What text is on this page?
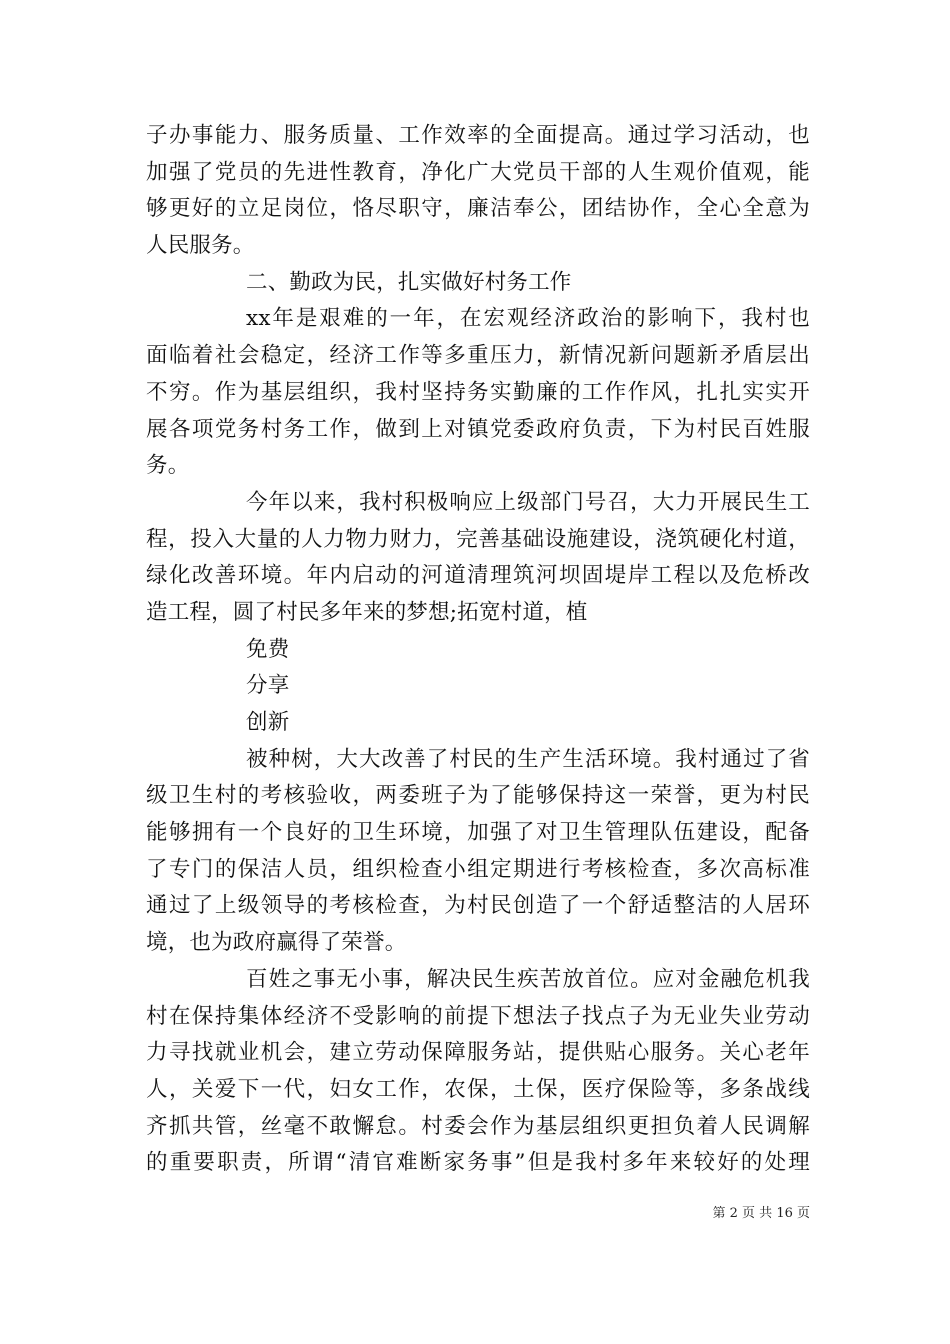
子办事能力、服务质量、工作效率的全面提高。通过学习活动，也
加强了党员的先进性教育，净化广大党员干部的人生观价值观，能
够更好的立足岗位，恪尽职守，廉洁奉公，团结协作，全心全意为
人民服务。
二、勤政为民，扎实做好村务工作
xx年是艰难的一年，在宏观经济政治的影响下，我村也
面临着社会稳定，经济工作等多重压力，新情况新问题新矛盾层出
不穷。作为基层组织，我村坚持务实勤廉的工作作风，扎扎实实开
展各项党务村务工作，做到上对镇党委政府负责，下为村民百姓服
务。
今年以来，我村积极响应上级部门号召，大力开展民生工
程，投入大量的人力物力财力，完善基础设施建设，浇筑硬化村道，
绿化改善环境。年内启动的河道清理筑河坝固堤岸工程以及危桥改
造工程，圆了村民多年来的梦想;拓宽村道，植
免费
分享
创新
被种树，大大改善了村民的生产生活环境。我村通过了省
级卫生村的考核验收，两委班子为了能够保持这一荣誉，更为村民
能够拥有一个良好的卫生环境，加强了对卫生管理队伍建设，配备
了专门的保洁人员，组织检查小组定期进行考核检查，多次高标准
通过了上级领导的考核检查，为村民创造了一个舒适整洁的人居环
境，也为政府赢得了荣誉。
百姓之事无小事，解决民生疾苦放首位。应对金融危机我
村在保持集体经济不受影响的前提下想法子找点子为无业失业劳动
力寻找就业机会，建立劳动保障服务站，提供贴心服务。关心老年
人，关爱下一代，妇女工作，农保，土保，医疗保险等，多条战线
齐抓共管，丝毫不敢懈怠。村委会作为基层组织更担负着人民调解
的重要职责，所谓“清官难断家务事”但是我村多年来较好的处理
第 2 页 共 16 页
